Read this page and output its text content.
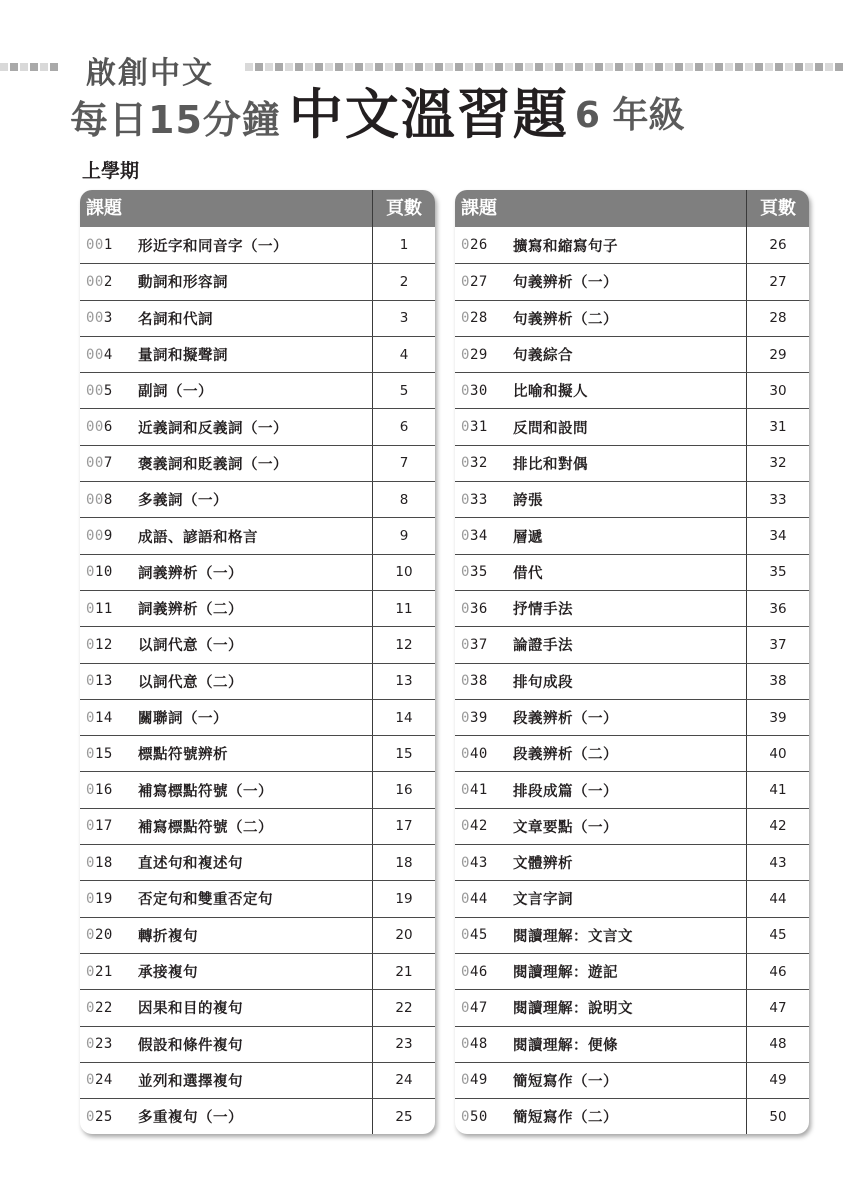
啟創中文
每日15分鐘 中文溫習題 6 年級
上學期
課題	頁數
001	形近字和同音字（一）	1
002	動詞和形容詞	2
003	名詞和代詞	3
004	量詞和擬聲詞	4
005	副詞（一）	5
006	近義詞和反義詞（一）	6
007	褒義詞和貶義詞（一）	7
008	多義詞（一）	8
009	成語、諺語和格言	9
010	詞義辨析（一）	10
011	詞義辨析（二）	11
012	以詞代意（一）	12
013	以詞代意（二）	13
014	關聯詞（一）	14
015	標點符號辨析	15
016	補寫標點符號（一）	16
017	補寫標點符號（二）	17
018	直述句和複述句	18
019	否定句和雙重否定句	19
020	轉折複句	20
021	承接複句	21
022	因果和目的複句	22
023	假設和條件複句	23
024	並列和選擇複句	24
025	多重複句（一）	25
課題	頁數
026	擴寫和縮寫句子	26
027	句義辨析（一）	27
028	句義辨析（二）	28
029	句義綜合	29
030	比喻和擬人	30
031	反問和設問	31
032	排比和對偶	32
033	誇張	33
034	層遞	34
035	借代	35
036	抒情手法	36
037	論證手法	37
038	排句成段	38
039	段義辨析（一）	39
040	段義辨析（二）	40
041	排段成篇（一）	41
042	文章要點（一）	42
043	文體辨析	43
044	文言字詞	44
045	閱讀理解：文言文	45
046	閱讀理解：遊記	46
047	閱讀理解：說明文	47
048	閱讀理解：便條	48
049	簡短寫作（一）	49
050	簡短寫作（二）	50
